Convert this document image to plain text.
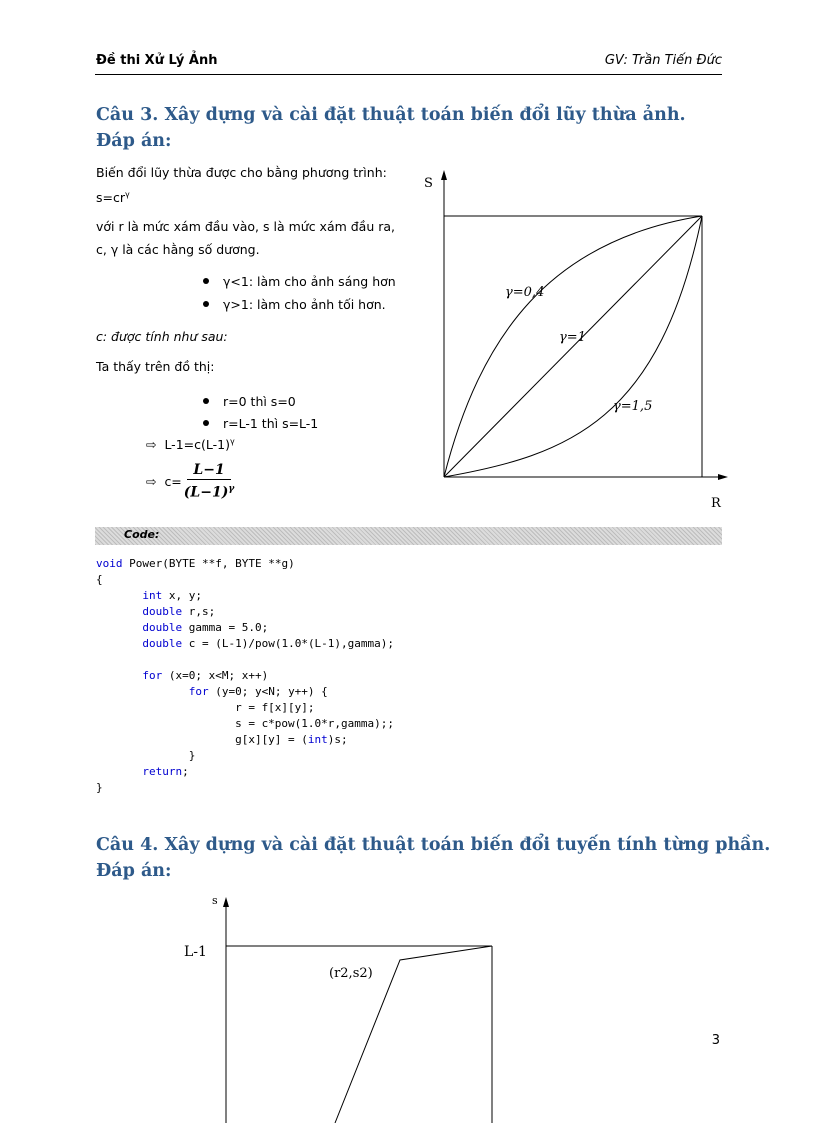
Đề thi Xử Lý Ảnh	GV: Trần Tiến Đức
Câu 3. Xây dựng và cài đặt thuật toán biến đổi lũy thừa ảnh.
Đáp án:
Biến đổi lũy thừa được cho bằng phương trình:
$s=cr^\gamma$
với r là mức xám đầu vào, s là mức xám đầu ra,
c, γ là các hằng số dương.
γ<1: làm cho ảnh sáng hơn
γ>1: làm cho ảnh tối hơn.
c: được tính như sau:
Ta thấy trên đồ thị:
r=0 thì s=0
r=L-1 thì s=L-1
⇨ $L-1=c(L-1)^\gamma$
⇨
$c= \frac{L-1}{(L-1)^\gamma}$
S
R
γ=0,4
γ=1
γ=1,5
Code:
void Power(BYTE **f, BYTE **g)
{
int x, y;
double r,s;
double gamma = 5.0;
double c = (L-1)/pow(1.0*(L-1),gamma);

for (x=0; x<M; x++)
for (y=0; y<N; y++) {
r = f[x][y];
s = c*pow(1.0*r,gamma);;
g[x][y] = (int)s;
}
return;
}
Câu 4. Xây dựng và cài đặt thuật toán biến đổi tuyến tính từng phần.
Đáp án:
s
L-1
(r2,s2)
3
